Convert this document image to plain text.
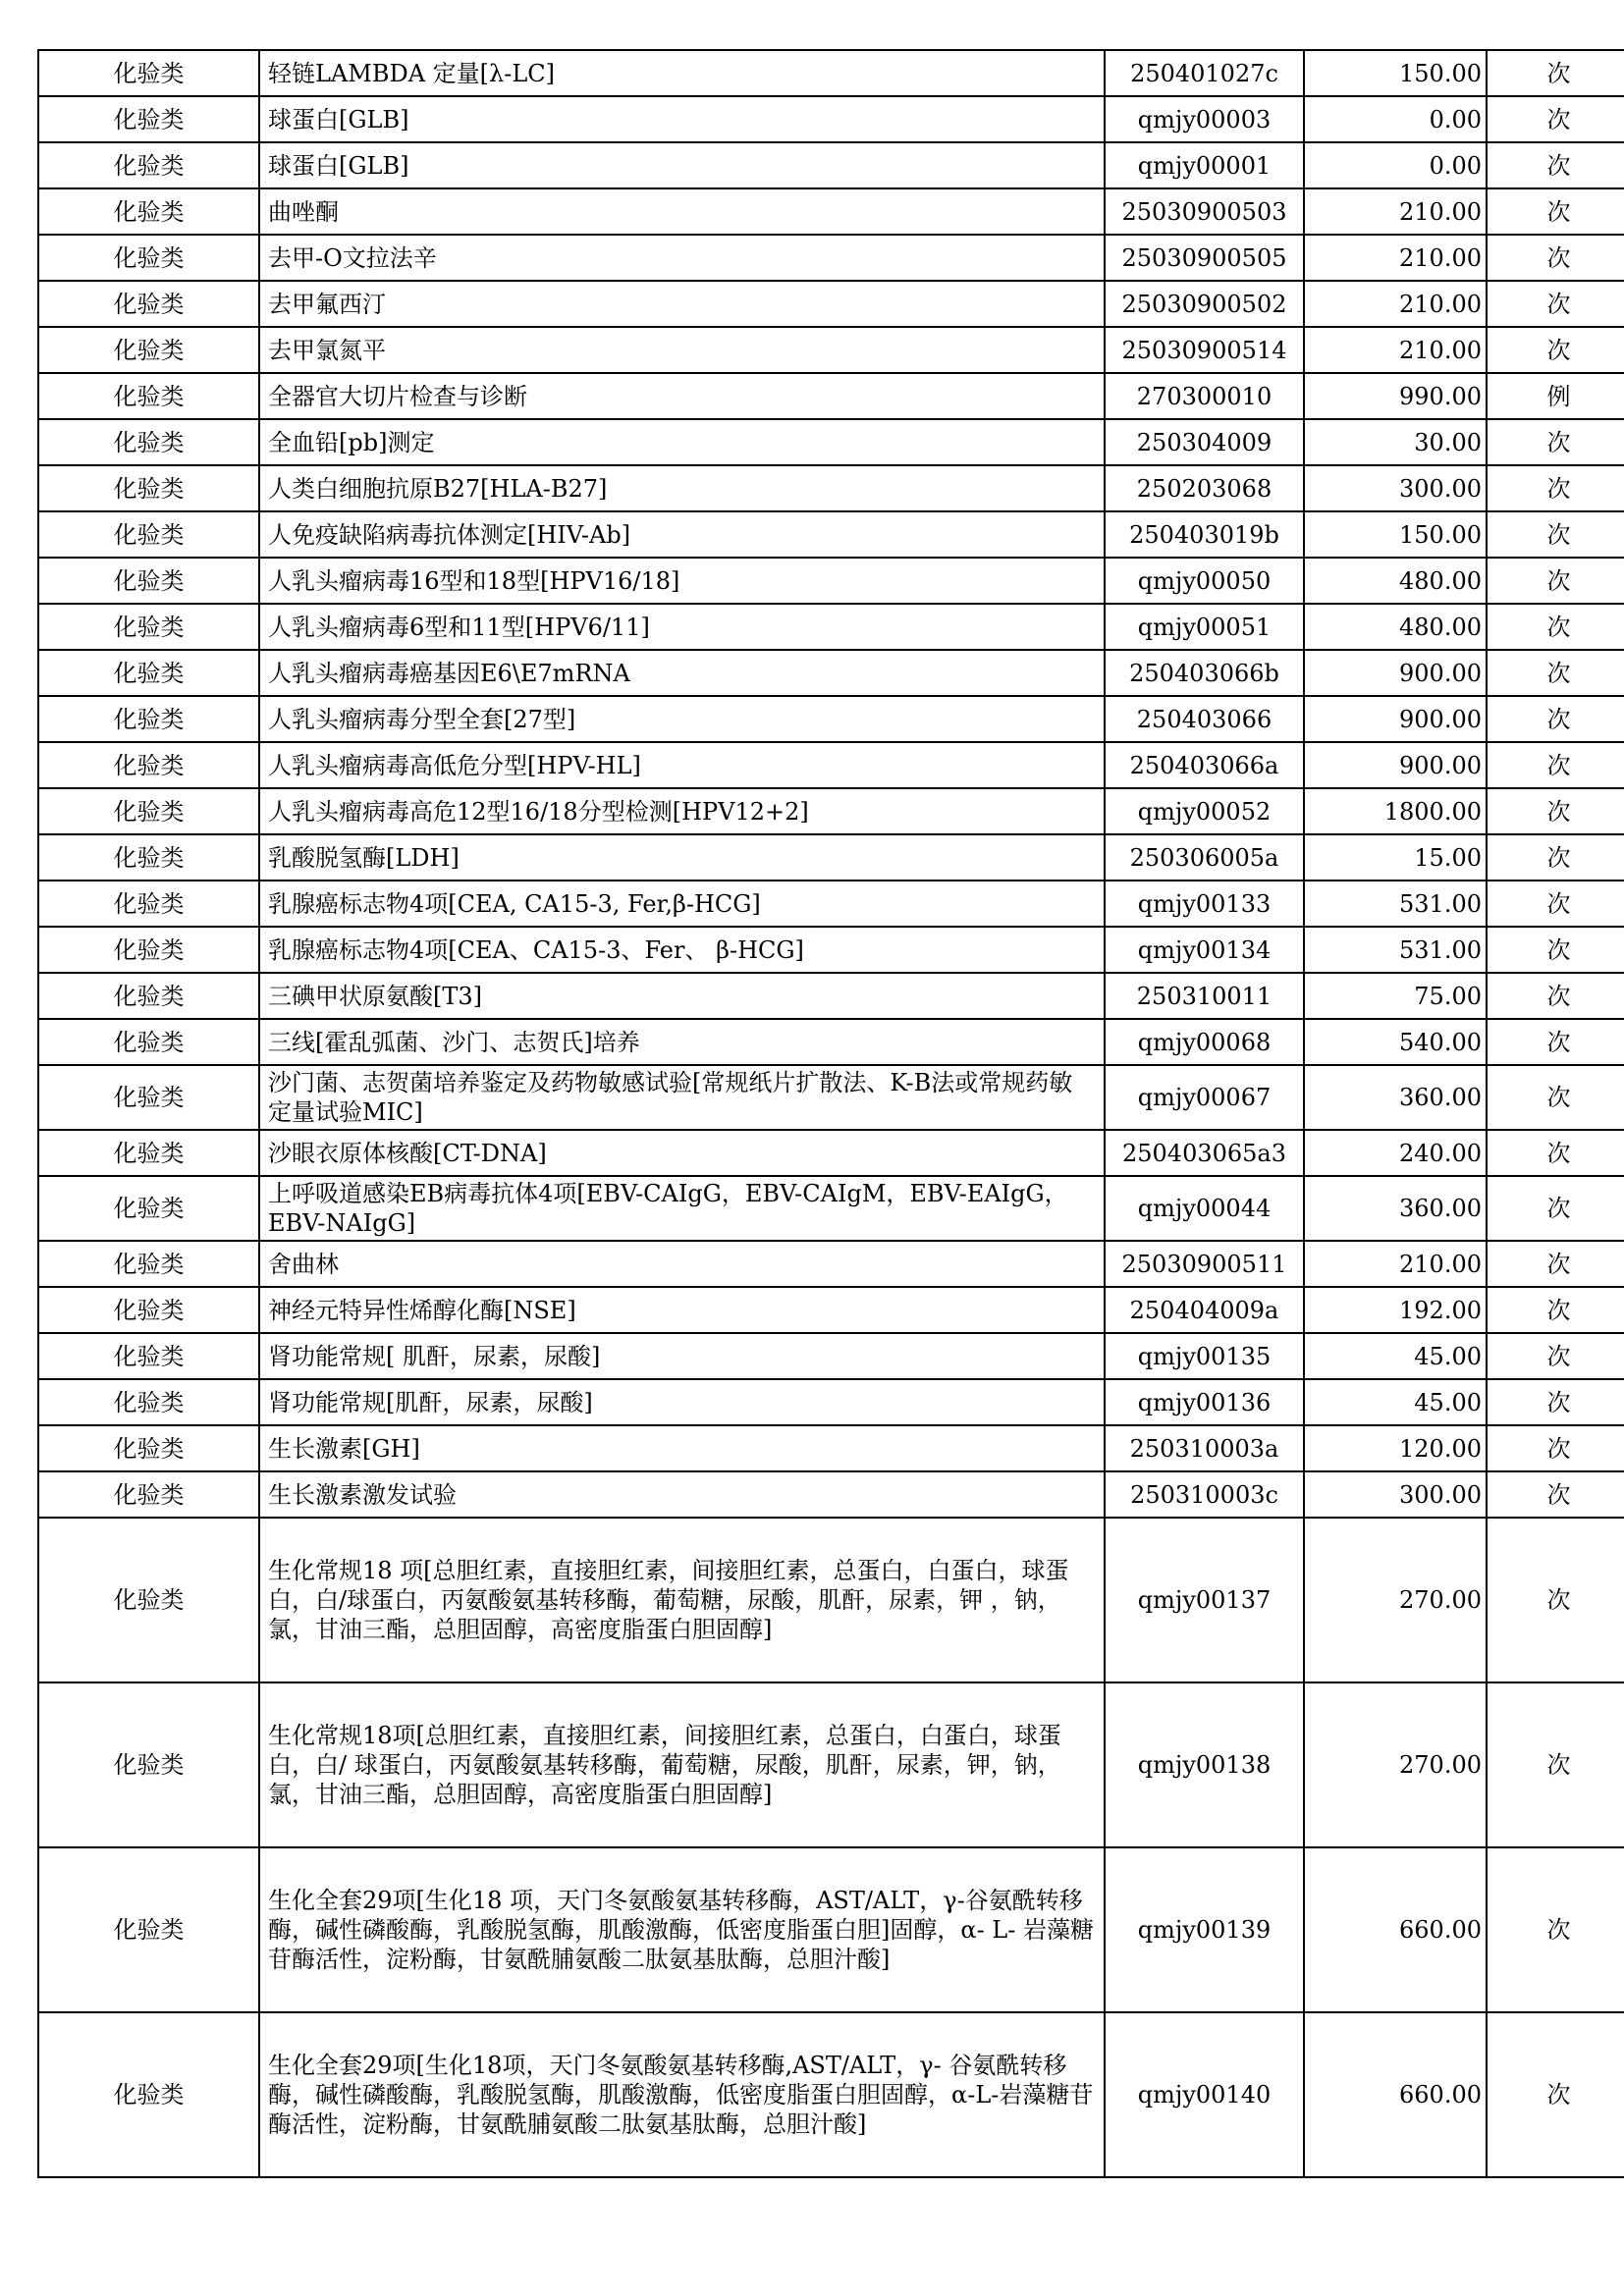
化验类	轻链LAMBDA 定量[λ-LC]	250401027c	150.00	次
化验类	球蛋白[GLB]	qmjy00003	0.00	次
化验类	球蛋白[GLB]	qmjy00001	0.00	次
化验类	曲唑酮	25030900503	210.00	次
化验类	去甲-O文拉法辛	25030900505	210.00	次
化验类	去甲氟西汀	25030900502	210.00	次
化验类	去甲氯氮平	25030900514	210.00	次
化验类	全器官大切片检查与诊断	270300010	990.00	例
化验类	全血铅[pb]测定	250304009	30.00	次
化验类	人类白细胞抗原B27[HLA-B27]	250203068	300.00	次
化验类	人免疫缺陷病毒抗体测定[HIV-Ab]	250403019b	150.00	次
化验类	人乳头瘤病毒16型和18型[HPV16/18]	qmjy00050	480.00	次
化验类	人乳头瘤病毒6型和11型[HPV6/11]	qmjy00051	480.00	次
化验类	人乳头瘤病毒癌基因E6\E7mRNA	250403066b	900.00	次
化验类	人乳头瘤病毒分型全套[27型]	250403066	900.00	次
化验类	人乳头瘤病毒高低危分型[HPV-HL]	250403066a	900.00	次
化验类	人乳头瘤病毒高危12型16/18分型检测[HPV12+2]	qmjy00052	1800.00	次
化验类	乳酸脱氢酶[LDH]	250306005a	15.00	次
化验类	乳腺癌标志物4项[CEA, CA15-3, Fer,β-HCG]	qmjy00133	531.00	次
化验类	乳腺癌标志物4项[CEA、CA15-3、Fer、 β-HCG]	qmjy00134	531.00	次
化验类	三碘甲状原氨酸[T3]	250310011	75.00	次
化验类	三线[霍乱弧菌、沙门、志贺氏]培养	qmjy00068	540.00	次
化验类	沙门菌、志贺菌培养鉴定及药物敏感试验[常规纸片扩散法、K-B法或常规药敏定量试验MIC]	qmjy00067	360.00	次
化验类	沙眼衣原体核酸[CT-DNA]	250403065a3	240.00	次
化验类	上呼吸道感染EB病毒抗体4项[EBV-CAIgG，EBV-CAIgM，EBV-EAIgG，EBV-NAIgG]	qmjy00044	360.00	次
化验类	舍曲林	25030900511	210.00	次
化验类	神经元特异性烯醇化酶[NSE]	250404009a	192.00	次
化验类	肾功能常规[ 肌酐，尿素，尿酸]	qmjy00135	45.00	次
化验类	肾功能常规[肌酐，尿素，尿酸]	qmjy00136	45.00	次
化验类	生长激素[GH]	250310003a	120.00	次
化验类	生长激素激发试验	250310003c	300.00	次
化验类	生化常规18 项[总胆红素，直接胆红素，间接胆红素，总蛋白，白蛋白，球蛋白，白/球蛋白，丙氨酸氨基转移酶，葡萄糖，尿酸，肌酐，尿素，钾 ，钠，氯，甘油三酯，总胆固醇，高密度脂蛋白胆固醇]	qmjy00137	270.00	次
化验类	生化常规18项[总胆红素，直接胆红素，间接胆红素，总蛋白，白蛋白，球蛋白，白/ 球蛋白，丙氨酸氨基转移酶，葡萄糖，尿酸，肌酐，尿素，钾，钠，氯，甘油三酯，总胆固醇，高密度脂蛋白胆固醇]	qmjy00138	270.00	次
化验类	生化全套29项[生化18 项，天门冬氨酸氨基转移酶，AST/ALT，γ-谷氨酰转移酶，碱性磷酸酶，乳酸脱氢酶，肌酸激酶，低密度脂蛋白胆]固醇，α- L- 岩藻糖苷酶活性，淀粉酶，甘氨酰脯氨酸二肽氨基肽酶，总胆汁酸]	qmjy00139	660.00	次
化验类	生化全套29项[生化18项，天门冬氨酸氨基转移酶,AST/ALT，γ- 谷氨酰转移酶，碱性磷酸酶，乳酸脱氢酶，肌酸激酶，低密度脂蛋白胆固醇，α-L-岩藻糖苷酶活性，淀粉酶，甘氨酰脯氨酸二肽氨基肽酶，总胆汁酸]	qmjy00140	660.00	次
